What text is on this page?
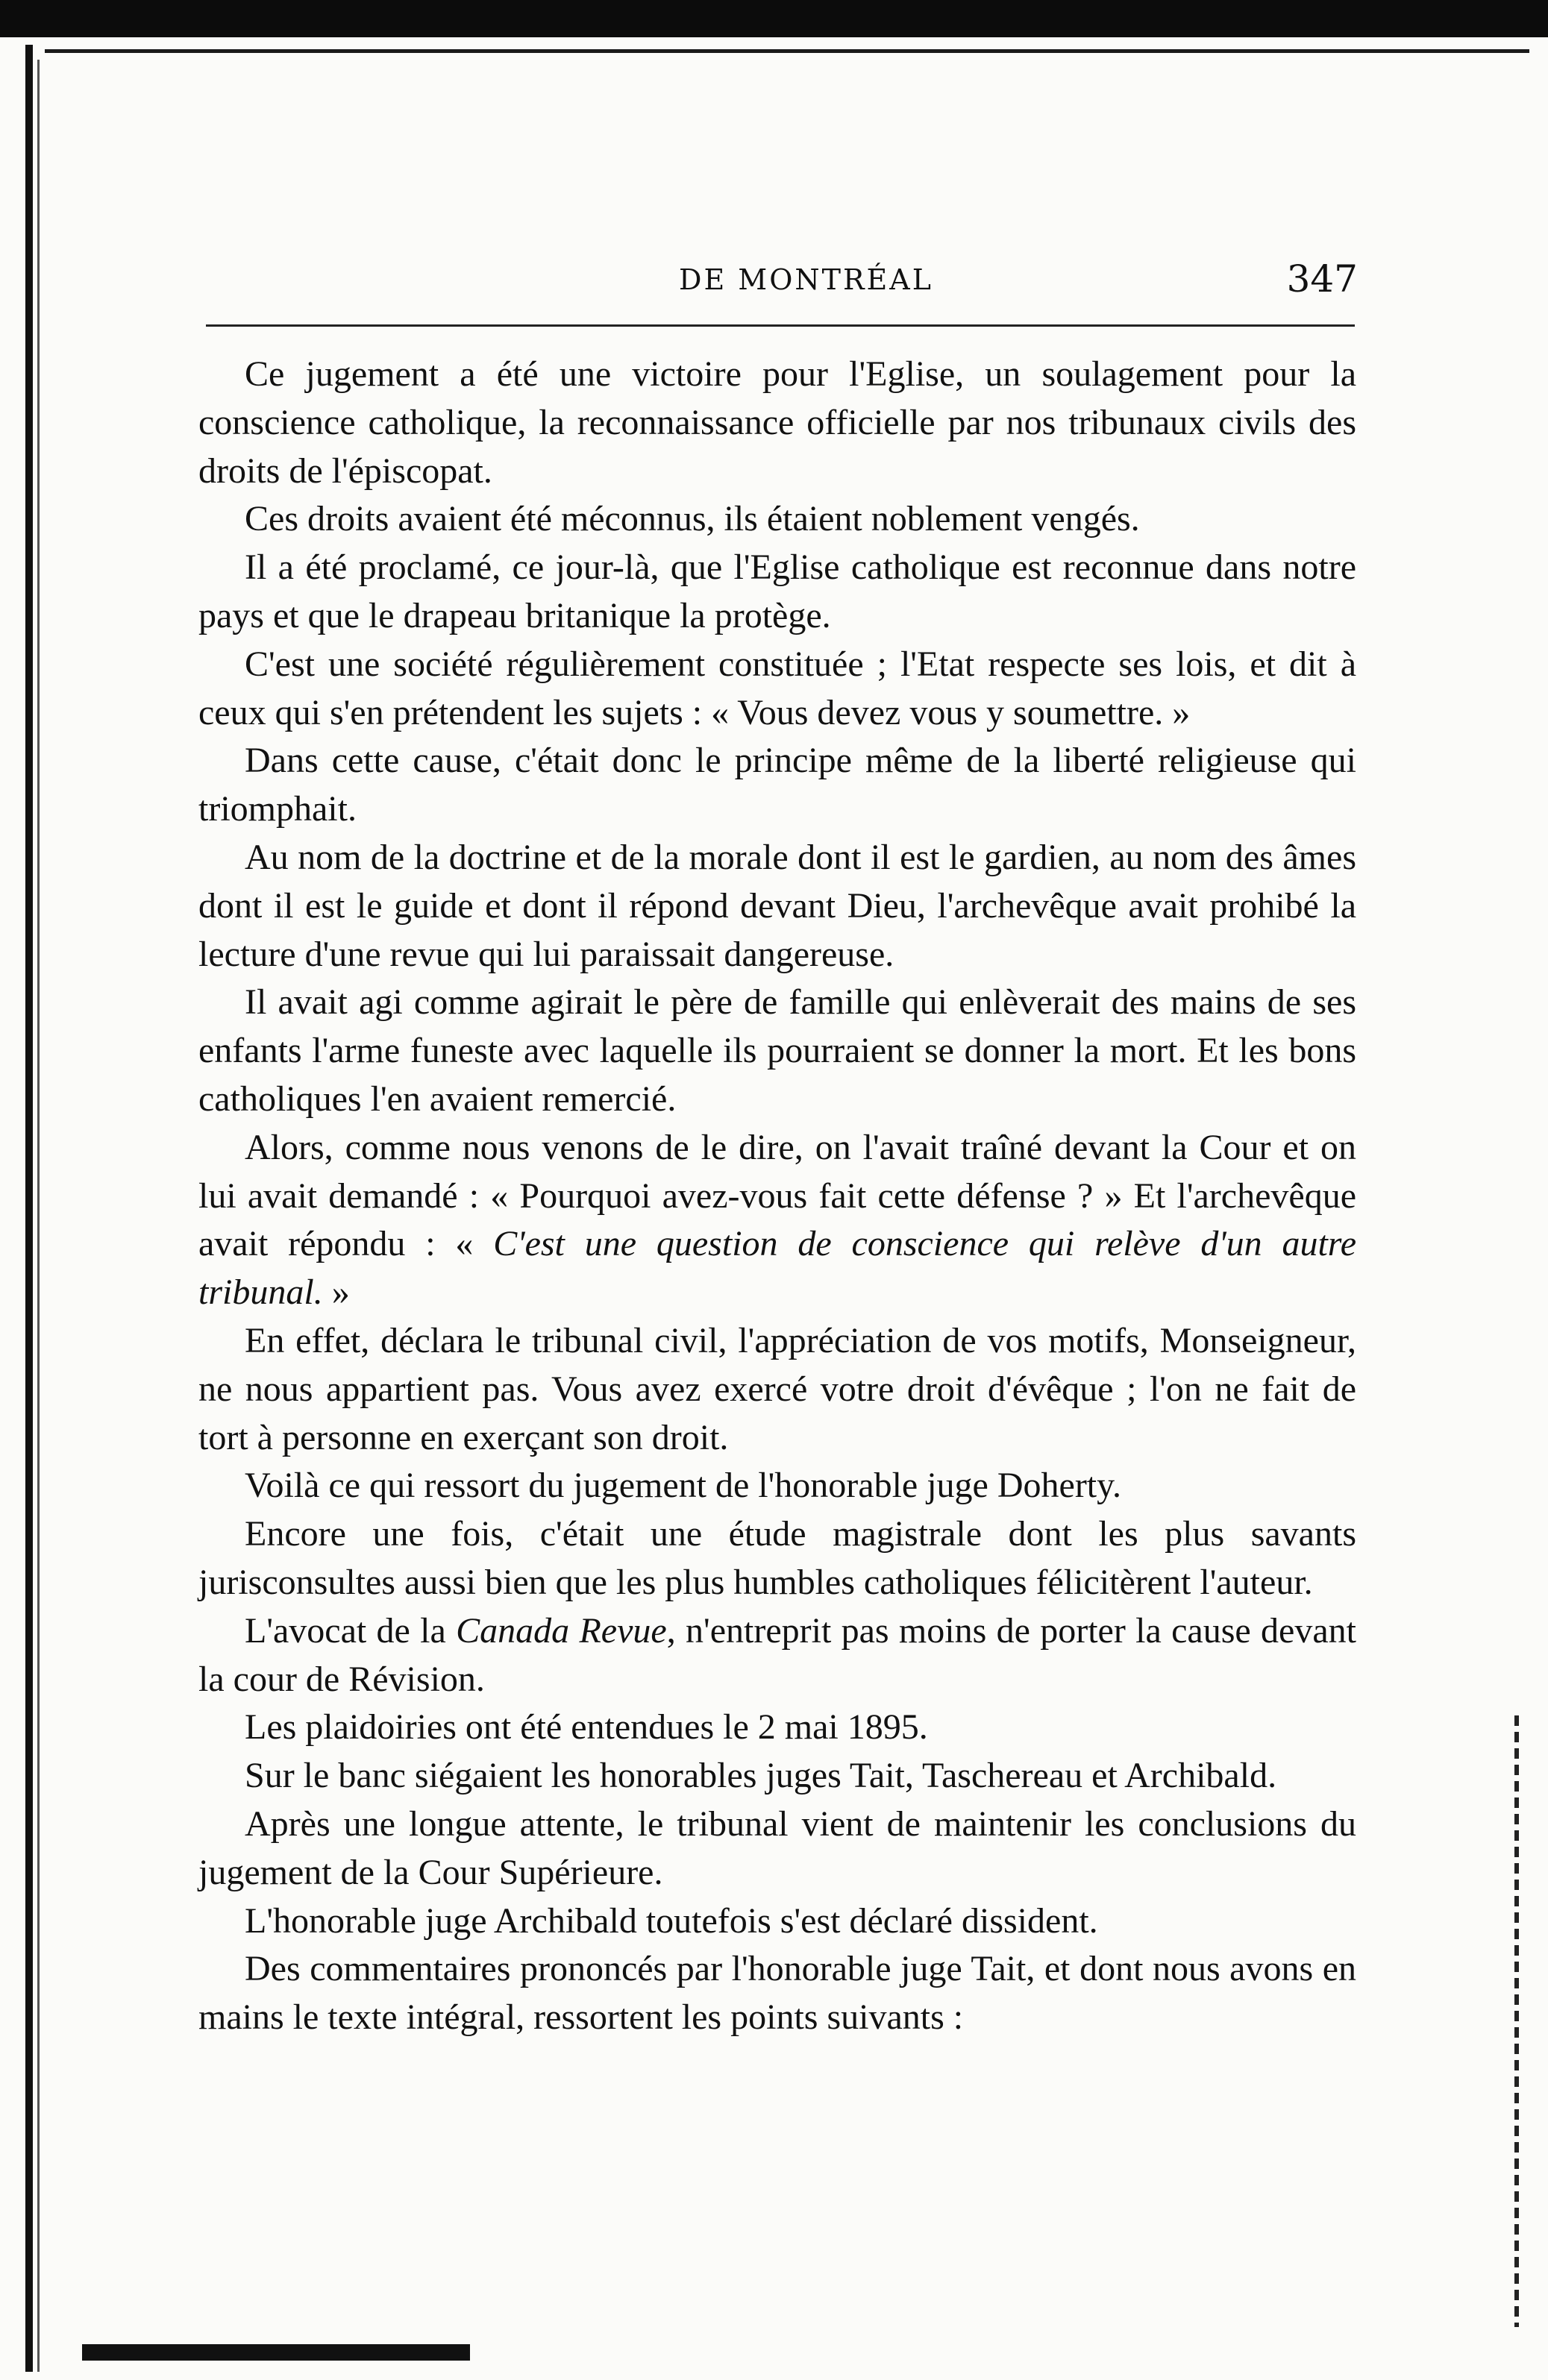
DE MONTRÉAL	347

Ce jugement a été une victoire pour l'Eglise, un soulagement pour la conscience catholique, la reconnaissance officielle par nos tribunaux civils des droits de l'épiscopat.

Ces droits avaient été méconnus, ils étaient noblement vengés.

Il a été proclamé, ce jour-là, que l'Eglise catholique est reconnue dans notre pays et que le drapeau britanique la protège.

C'est une société régulièrement constituée ; l'Etat respecte ses lois, et dit à ceux qui s'en prétendent les sujets : « Vous devez vous y soumettre. »

Dans cette cause, c'était donc le principe même de la liberté religieuse qui triomphait.

Au nom de la doctrine et de la morale dont il est le gardien, au nom des âmes dont il est le guide et dont il répond devant Dieu, l'archevêque avait prohibé la lecture d'une revue qui lui paraissait dangereuse.

Il avait agi comme agirait le père de famille qui enlèverait des mains de ses enfants l'arme funeste avec laquelle ils pourraient se donner la mort. Et les bons catholiques l'en avaient remercié.

Alors, comme nous venons de le dire, on l'avait traîné devant la Cour et on lui avait demandé : « Pourquoi avez-vous fait cette défense ? » Et l'archevêque avait répondu : « C'est une question de conscience qui relève d'un autre tribunal. »

En effet, déclara le tribunal civil, l'appréciation de vos motifs, Monseigneur, ne nous appartient pas. Vous avez exercé votre droit d'évêque ; l'on ne fait de tort à personne en exerçant son droit.

Voilà ce qui ressort du jugement de l'honorable juge Doherty.

Encore une fois, c'était une étude magistrale dont les plus savants jurisconsultes aussi bien que les plus humbles catholiques félicitèrent l'auteur.

L'avocat de la Canada Revue, n'entreprit pas moins de porter la cause devant la cour de Révision.

Les plaidoiries ont été entendues le 2 mai 1895.

Sur le banc siégaient les honorables juges Tait, Taschereau et Archibald.

Après une longue attente, le tribunal vient de maintenir les conclusions du jugement de la Cour Supérieure.

L'honorable juge Archibald toutefois s'est déclaré dissident.

Des commentaires prononcés par l'honorable juge Tait, et dont nous avons en mains le texte intégral, ressortent les points suivants :
